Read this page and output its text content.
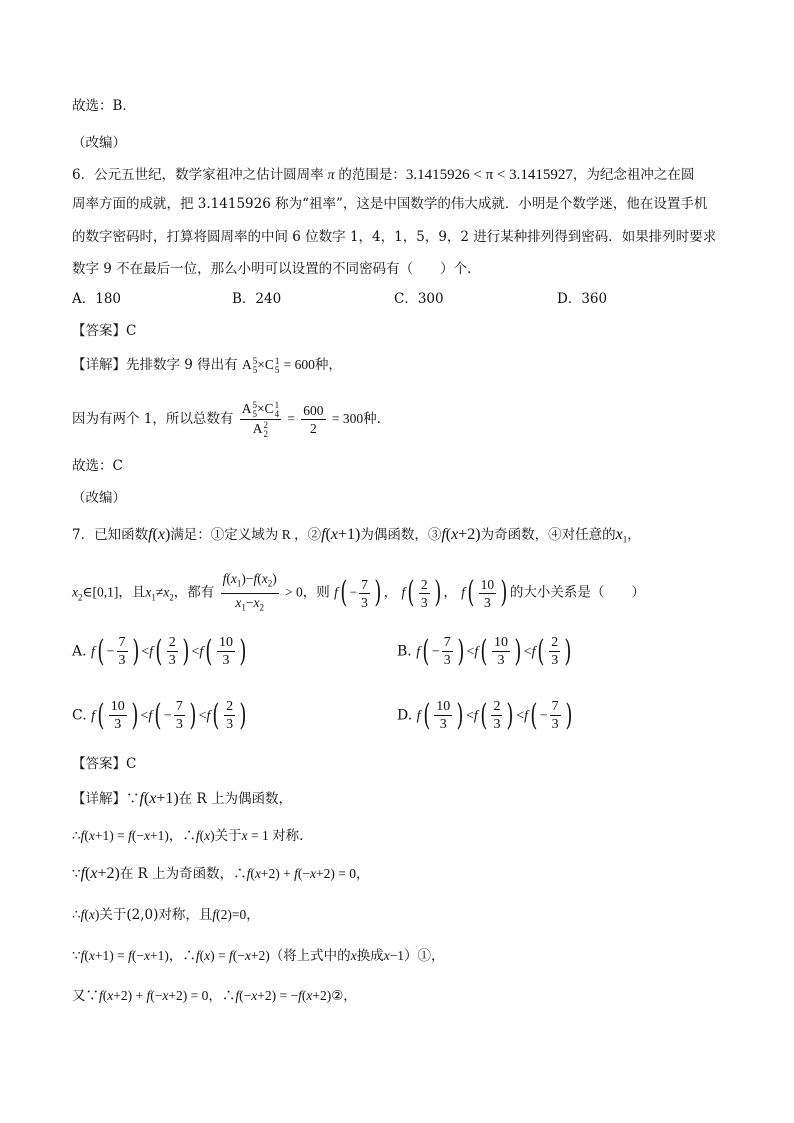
故选：B．
（改编）
6．公元五世纪，数学家祖冲之估计圆周率 π 的范围是：3.1415926 < π < 3.1415927，为纪念祖冲之在圆
周率方面的成就，把 3.1415926 称为“祖率”，这是中国数学的伟大成就．小明是个数学迷，他在设置手机
的数字密码时，打算将圆周率的中间 6 位数字 1，4，1，5，9，2 进行某种排列得到密码．如果排列时要求
数字 9 不在最后一位，那么小明可以设置的不同密码有（　　）个．
A．180	B．240	C．300	D．360
【答案】C
【详解】先排数字 9 得出有 A 5
5 ×C 1
5 = 600种，
因为有两个 1，所以总数有 A 5
5 ×C 1
4
A 2
$2 = \frac{600}{2} = 300$种.
故选：C
（改编）
7．已知函数f(x)满足：①定义域为 R ，②f(x+1)为偶函数，③f(x+2)为奇函数，④对任意的$x_1$，
$x_2\in[0,1]$，且$x_1\ne x_2$，都有 $\frac{f(x_1)-f(x_2)}{x_1-x_2} > 0$，则 $f( - \frac{7}{3}$ ) ， $f( \frac{2}{3}$ ) ， $f( \frac{10}{3}$ ) 的大小关系是（　　）
A. $f( - \frac{7}{3}$ ) $<f( \frac{2}{3}$ ) $<f( \frac{10}{3}$ )	B. $f( - \frac{7}{3}$ ) $<f( \frac{10}{3}$ ) $<f( \frac{2}{3}$ )
C. $f( \frac{10}{3}$ ) $<f( - \frac{7}{3}$ ) $<f( \frac{2}{3}$ )	D. $f( \frac{10}{3}$ ) $<f( \frac{2}{3}$ ) $<f( - \frac{7}{3}$ )
【答案】C
【详解】∵f(x+1)在 R 上为偶函数，
∴f(x+1) = f(−x+1)，∴f(x)关于x = 1 对称.
∵f(x+2)在 R 上为奇函数，∴f(x+2) + f(−x+2) = 0，
∴f(x)关于(2,0)对称，且f(2)=0，
∵f(x+1) = f(−x+1)，∴f(x) = f(−x+2)（将上式中的x换成x−1）①，
又∵f(x+2) + f(−x+2) = 0，∴f(−x+2) = −f(x+2)②，
